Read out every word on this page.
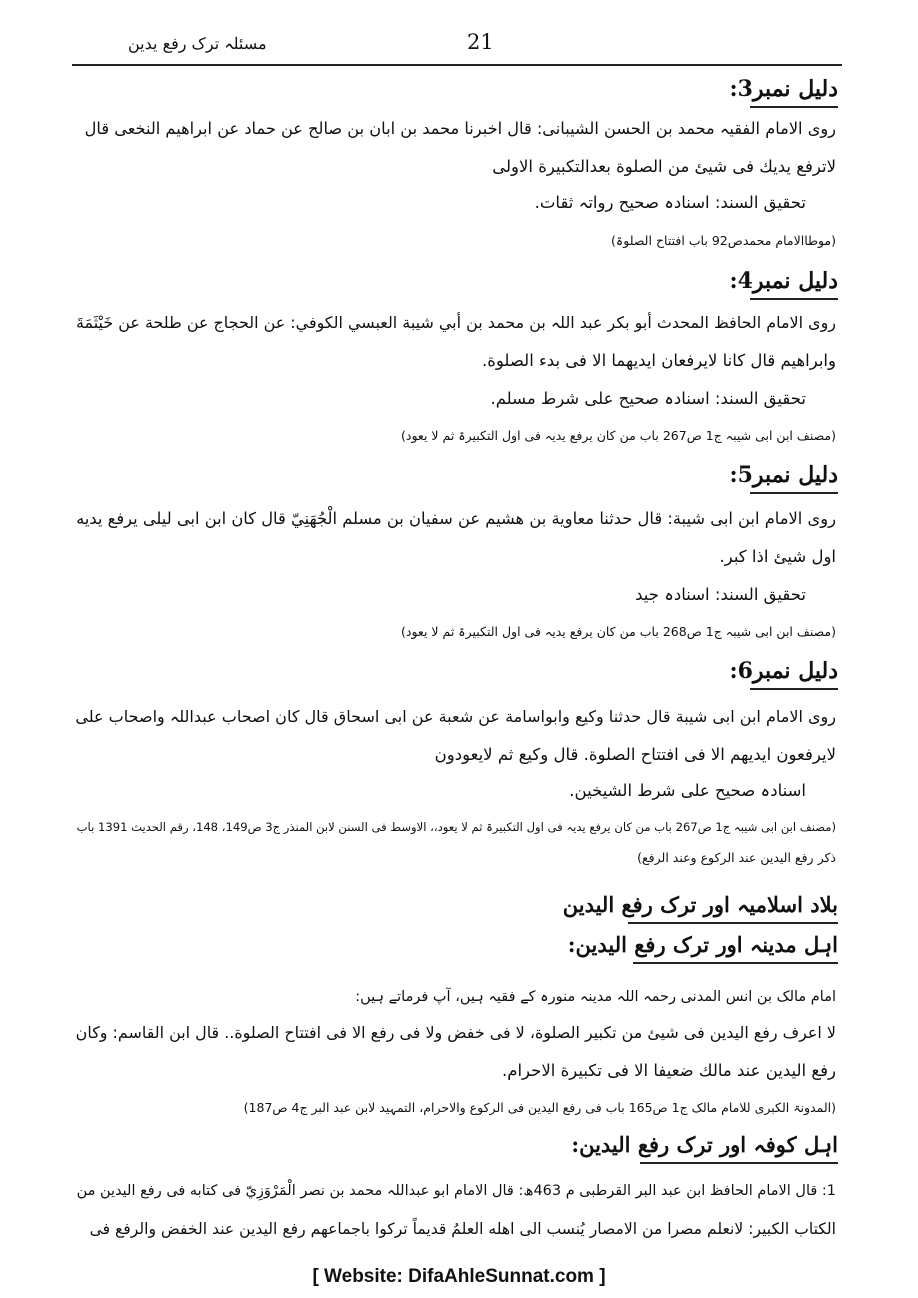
21
مسئلہ ترک رفع یدین
دلیل نمبر3:
روی الامام الفقیہ محمد بن الحسن الشیبانی: قال اخبرنا محمد بن ابان بن صالح عن حماد عن ابراھیم النخعی قال
لاترفع یدیك فی شیئ من الصلوة بعدالتکبیرة الاولی
تحقیق السند: اسنادہ صحیح رواتہ ثقات.
(موطاالامام محمدص92 باب افتتاح الصلوۃ)
دلیل نمبر4:
روی الامام الحافظ المحدث أبو بکر عبد اللہ بن محمد بن أبي شیبة العبسي الکوفي: عن الحجاج عن طلحة عن خَیْثَمَةَ
وابراھیم قال کانا لایرفعان ایدیھما الا فی بدء الصلوة.
تحقیق السند: اسنادہ صحیح علی شرط مسلم.
(مصنف ابن ابی شیبہ ج1 ص267 باب من کان یرفع یدیہ فی اول التکبیرۃ ثم لا یعود)
دلیل نمبر5:
روی الامام ابن ابی شیبة: قال حدثنا معاویة بن ھشیم عن سفیان بن مسلم الْجُھَنِيّ قال کان ابن ابی لیلی یرفع یدیه
اول شیئ اذا کبر.
تحقیق السند: اسنادہ جید
(مصنف ابن ابی شیبہ ج1 ص268 باب من کان یرفع یدیہ فی اول التکبیرۃ ثم لا یعود)
دلیل نمبر6:
روی الامام ابن ابی شیبة قال حدثنا وکیع وابواسامة عن شعبة عن ابی اسحاق قال کان اصحاب عبداللہ واصحاب علی
لایرفعون ایدیھم الا فی افتتاح الصلوة. قال وکیع ثم لایعودون
اسنادہ صحیح علی شرط الشیخین.
(مصنف ابن ابی شیبہ ج1 ص267 باب من کان یرفع یدیہ فی اول التکبیرۃ ثم لا یعود،، الاوسط فی السنن لابن المنذر ج3 ص149، 148، رقم الحدیث 1391 باب
ذکر رفع الیدین عند الرکوع وعند الرفع)
بلاد اسلامیہ اور ترک رفع الیدین
اہل مدینہ اور ترک رفع الیدین:
امام مالک بن انس المدنی رحمہ اللہ مدینہ منورہ کے فقیہ ہیں، آپ فرماتے ہیں:
لا اعرف رفع الیدین فی شیئ من تکبیر الصلوة، لا فی خفض ولا فی رفع الا فی افتتاح الصلوة.. قال ابن القاسم: وکان
رفع الیدین عند مالك ضعیفا الا فی تکبیرة الاحرام.
(المدونۃ الکبری للامام مالک ج1 ص165 باب فی رفع الیدین فی الرکوع والاحرام، التمہید لابن عبد البر ج4 ص187)
اہل کوفہ اور ترک رفع الیدین:
1: قال الامام الحافظ ابن عبد البر القرطبی م 463ھ: قال الامام ابو عبداللہ محمد بن نصر الْمَرْوَزِيّ فی کتابه فی رفع الیدین من
الکتاب الکبیر: لانعلم مصرا من الامصار یُنسب الی اھله العلمُ قدیماً ترکوا باجماعھم رفع الیدین عند الخفض والرفع فی
[ Website: DifaAhleSunnat.com ]
